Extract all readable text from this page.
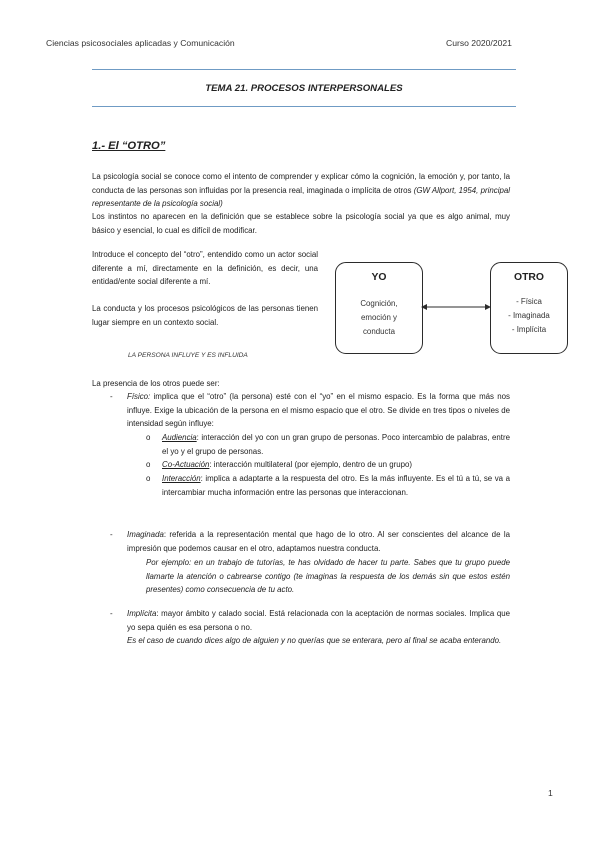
Ciencias psicosociales aplicadas y Comunicación	Curso 2020/2021
TEMA 21. PROCESOS INTERPERSONALES
1.- El “OTRO”
La psicología social se conoce como el intento de comprender y explicar cómo la cognición, la emoción y, por tanto, la conducta de las personas son influidas por la presencia real, imaginada o implícita de otros (GW Allport, 1954, principal representante de la psicología social)
Los instintos no aparecen en la definición que se establece sobre la psicología social ya que es algo animal, muy básico y esencial, lo cual es difícil de modificar.
Introduce el concepto del “otro”, entendido como un actor social diferente a mí, directamente en la definición, es decir, una entidad/ente social diferente a mí.
La conducta y los procesos psicológicos de las personas tienen lugar siempre en un contexto social.
LA PERSONA INFLUYE Y ES INFLUIDA
YO
Cognición,
emoción y
conducta
OTRO
- Física
- Imaginada
- Implícita
La presencia de los otros puede ser:
- Físico: implica que el “otro” (la persona) esté con el “yo” en el mismo espacio. Es la forma que más nos influye. Exige la ubicación de la persona en el mismo espacio que el otro. Se divide en tres tipos o niveles de intensidad según influye:
o Audiencia: interacción del yo con un gran grupo de personas. Poco intercambio de palabras, entre el yo y el grupo de personas.
o Co-Actuación: interacción multilateral (por ejemplo, dentro de un grupo)
o Interacción: implica a adaptarte a la respuesta del otro. Es la más influyente. Es el tú a tú, se va a intercambiar mucha información entre las personas que interaccionan.
- Imaginada: referida a la representación mental que hago de lo otro. Al ser conscientes del alcance de la impresión que podemos causar en el otro, adaptamos nuestra conducta.
Por ejemplo: en un trabajo de tutorías, te has olvidado de hacer tu parte. Sabes que tu grupo puede llamarte la atención o cabrearse contigo (te imaginas la respuesta de los demás sin que estos estén presentes) como consecuencia de tu acto.
- Implícita: mayor ámbito y calado social. Está relacionada con la aceptación de normas sociales. Implica que yo sepa quién es esa persona o no.
Es el caso de cuando dices algo de alguien y no querías que se enterara, pero al final se acaba enterando.
1
